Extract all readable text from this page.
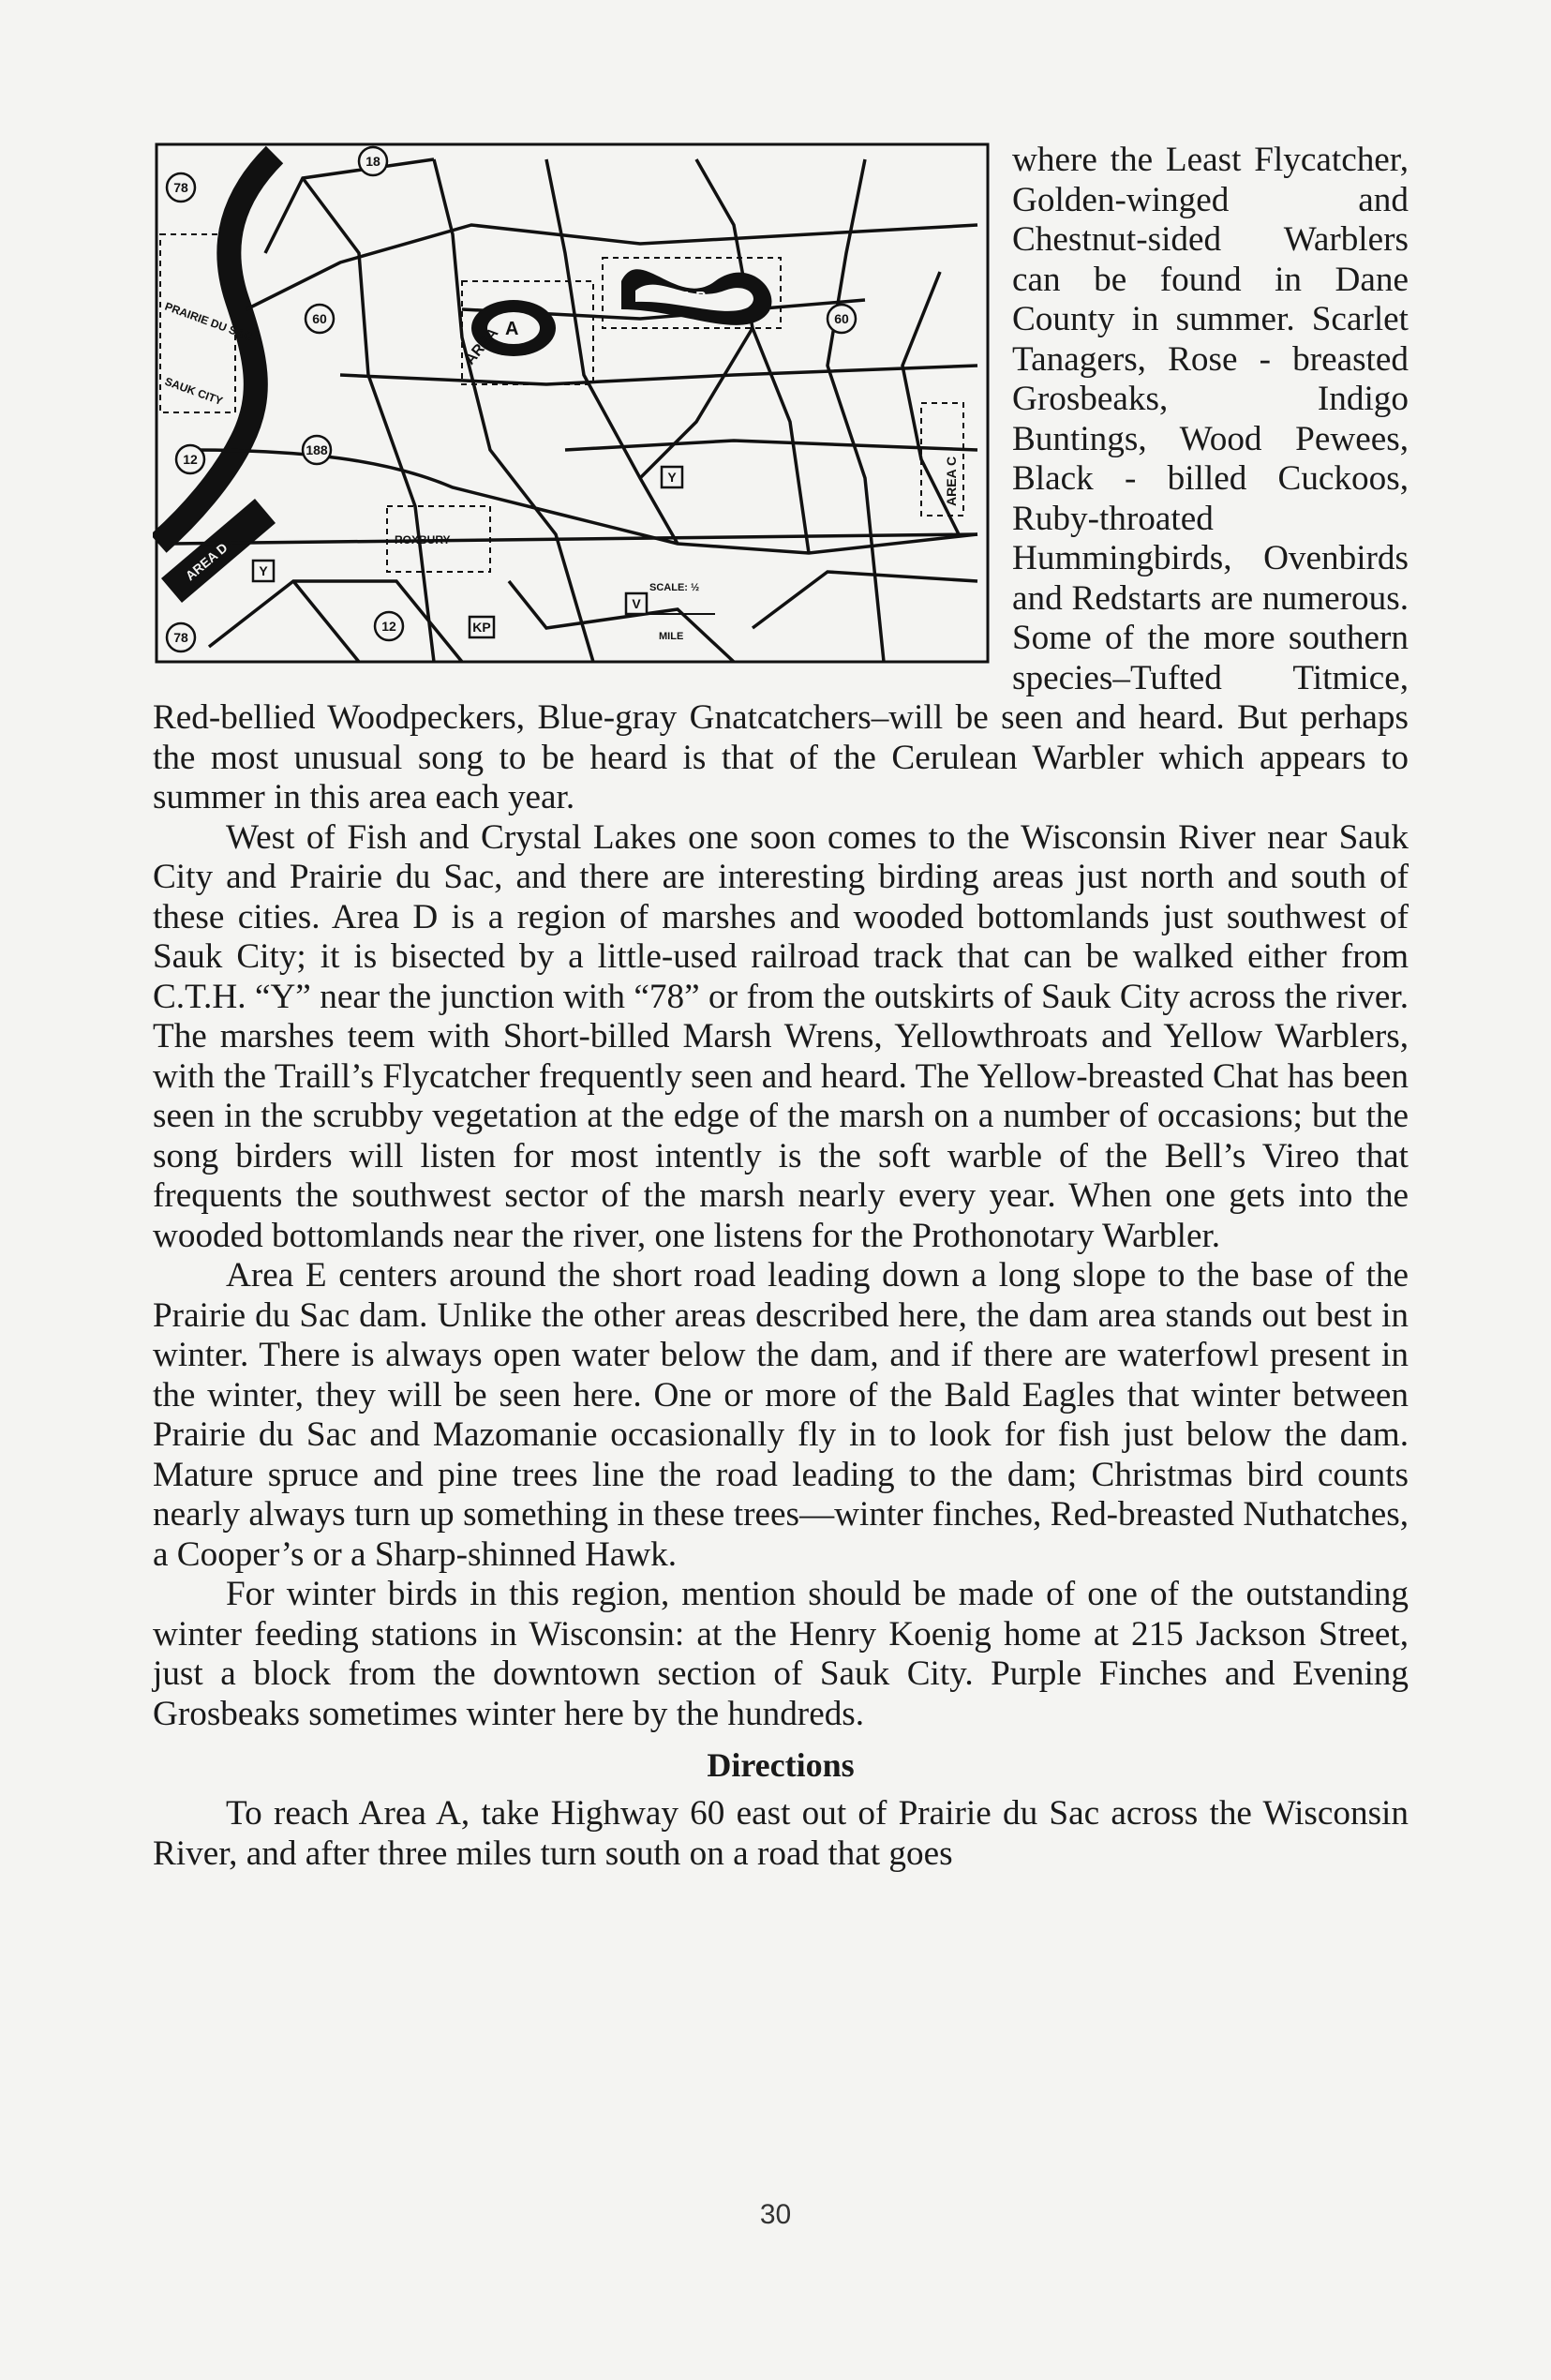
78
18
60	60
188
12
Y
Y
V
12	KP
78
A
AREA
AREA B
AREA C
AREA D
PRAIRIE DU SAC
SAUK CITY
ROXBURY
SCALE: ½
MILE

where the Least Flycatcher, Golden-winged and Chestnut-sided Warblers can be found in Dane County in summer. Scarlet Tanagers, Rose - breasted Grosbeaks, Indigo Buntings, Wood Pewees, Black - billed Cuckoos, Ruby-throated Hummingbirds, Ovenbirds and Redstarts are numerous. Some of the more southern species–Tufted Titmice, Red-bellied Woodpeckers, Blue-gray Gnatcatchers–will be seen and heard. But perhaps the most unusual song to be heard is that of the Cerulean Warbler which appears to summer in this area each year.

West of Fish and Crystal Lakes one soon comes to the Wisconsin River near Sauk City and Prairie du Sac, and there are interesting birding areas just north and south of these cities. Area D is a region of marshes and wooded bottomlands just southwest of Sauk City; it is bisected by a little-used railroad track that can be walked either from C.T.H. “Y” near the junction with “78” or from the outskirts of Sauk City across the river. The marshes teem with Short-billed Marsh Wrens, Yellowthroats and Yellow Warblers, with the Traill’s Flycatcher frequently seen and heard. The Yellow-breasted Chat has been seen in the scrubby vegetation at the edge of the marsh on a number of occasions; but the song birders will listen for most intently is the soft warble of the Bell’s Vireo that frequents the southwest sector of the marsh nearly every year. When one gets into the wooded bottomlands near the river, one listens for the Prothonotary Warbler.

Area E centers around the short road leading down a long slope to the base of the Prairie du Sac dam. Unlike the other areas described here, the dam area stands out best in winter. There is always open water below the dam, and if there are waterfowl present in the winter, they will be seen here. One or more of the Bald Eagles that winter between Prairie du Sac and Mazomanie occasionally fly in to look for fish just below the dam. Mature spruce and pine trees line the road leading to the dam; Christmas bird counts nearly always turn up something in these trees—winter finches, Red-breasted Nuthatches, a Cooper’s or a Sharp-shinned Hawk.

For winter birds in this region, mention should be made of one of the outstanding winter feeding stations in Wisconsin: at the Henry Koenig home at 215 Jackson Street, just a block from the downtown section of Sauk City. Purple Finches and Evening Grosbeaks sometimes winter here by the hundreds.

Directions

To reach Area A, take Highway 60 east out of Prairie du Sac across the Wisconsin River, and after three miles turn south on a road that goes

30
